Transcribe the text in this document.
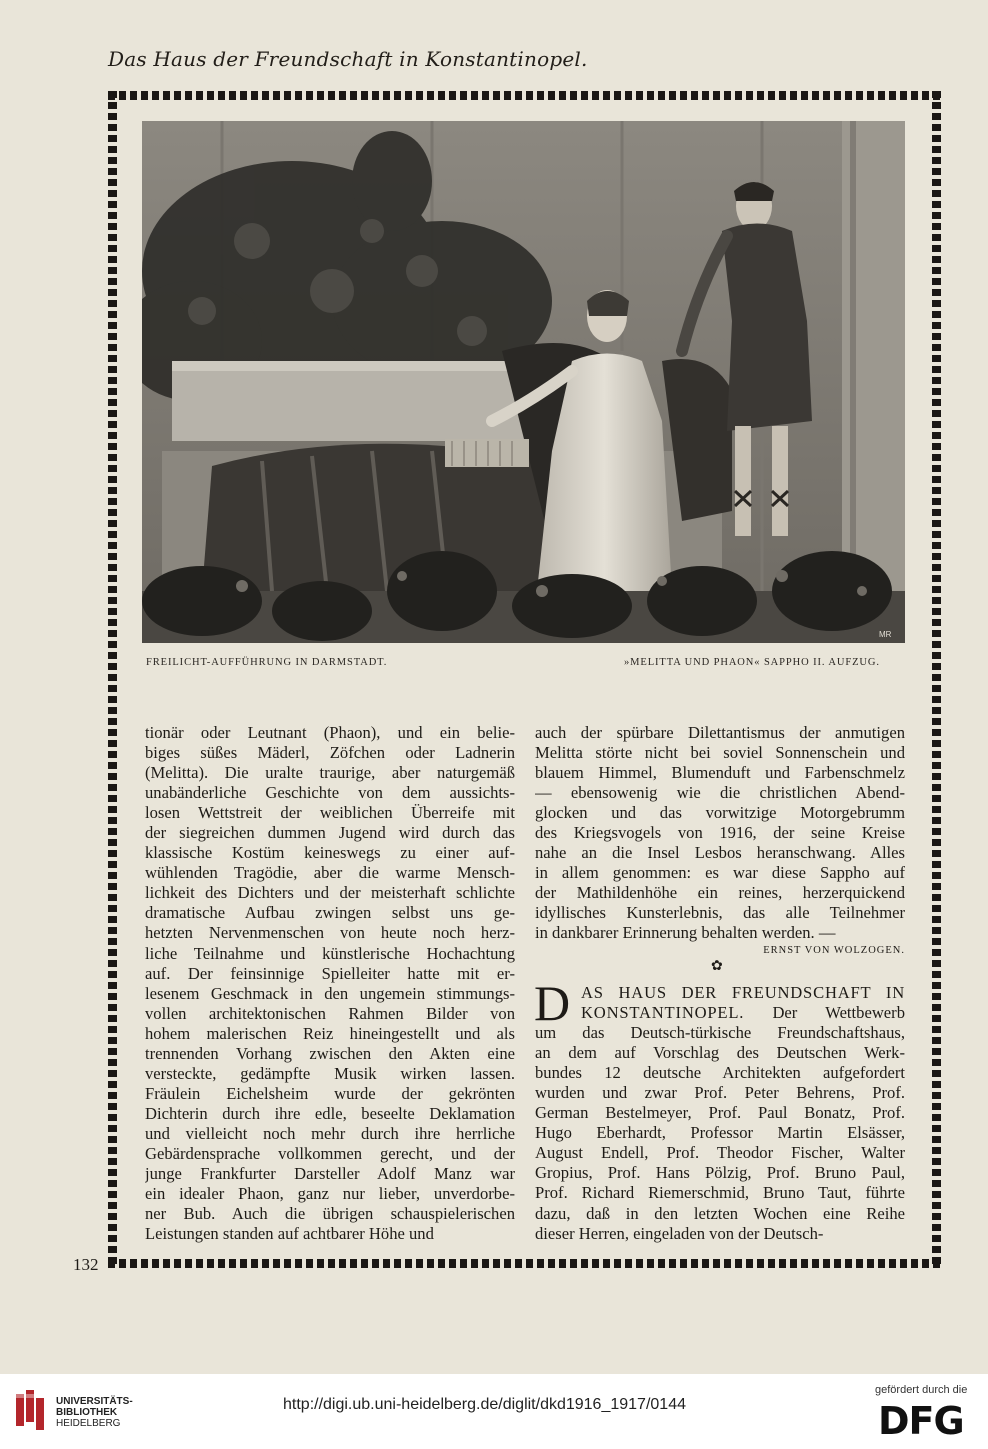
Das Haus der Freundschaft in Konstantinopel.
MR
FREILICHT-AUFFÜHRUNG IN DARMSTADT.	»MELITTA UND PHAON« SAPPHO II. AUFZUG.
tionär oder Leutnant (Phaon), und ein belie-
biges süßes Mäderl, Zöfchen oder Ladnerin
(Melitta). Die uralte traurige, aber naturgemäß
unabänderliche Geschichte von dem aussichts-
losen Wettstreit der weiblichen Überreife mit
der siegreichen dummen Jugend wird durch das
klassische Kostüm keineswegs zu einer auf-
wühlenden Tragödie, aber die warme Mensch-
lichkeit des Dichters und der meisterhaft schlichte
dramatische Aufbau zwingen selbst uns ge-
hetzten Nervenmenschen von heute noch herz-
liche Teilnahme und künstlerische Hochachtung
auf. Der feinsinnige Spielleiter hatte mit er-
lesenem Geschmack in den ungemein stimmungs-
vollen architektonischen Rahmen Bilder von
hohem malerischen Reiz hineingestellt und als
trennenden Vorhang zwischen den Akten eine
versteckte, gedämpfte Musik wirken lassen.
Fräulein Eichelsheim wurde der gekrönten
Dichterin durch ihre edle, beseelte Deklamation
und vielleicht noch mehr durch ihre herrliche
Gebärdensprache vollkommen gerecht, und der
junge Frankfurter Darsteller Adolf Manz war
ein idealer Phaon, ganz nur lieber, unverdorbe-
ner Bub. Auch die übrigen schauspielerischen
Leistungen standen auf achtbarer Höhe und
auch der spürbare Dilettantismus der anmutigen
Melitta störte nicht bei soviel Sonnenschein und
blauem Himmel, Blumenduft und Farbenschmelz
— ebensowenig wie die christlichen Abend-
glocken und das vorwitzige Motorgebrumm
des Kriegsvogels von 1916, der seine Kreise
nahe an die Insel Lesbos heranschwang. Alles
in allem genommen: es war diese Sappho auf
der Mathildenhöhe ein reines, herzerquickend
idyllisches Kunsterlebnis, das alle Teilnehmer
in dankbarer Erinnerung behalten werden. —
ERNST VON WOLZOGEN.
✿
D AS HAUS DER FREUNDSCHAFT IN
KONSTANTINOPEL. Der Wettbewerb
um das Deutsch-türkische Freundschaftshaus,
an dem auf Vorschlag des Deutschen Werk-
bundes 12 deutsche Architekten aufgefordert
wurden und zwar Prof. Peter Behrens, Prof.
German Bestelmeyer, Prof. Paul Bonatz, Prof.
Hugo Eberhardt, Professor Martin Elsässer,
August Endell, Prof. Theodor Fischer, Walter
Gropius, Prof. Hans Pölzig, Prof. Bruno Paul,
Prof. Richard Riemerschmid, Bruno Taut, führte
dazu, daß in den letzten Wochen eine Reihe
dieser Herren, eingeladen von der Deutsch-
132
UNIVERSITÄTS-
BIBLIOTHEK
HEIDELBERG
http://digi.ub.uni-heidelberg.de/diglit/dkd1916_1917/0144
gefördert durch die
DFG
